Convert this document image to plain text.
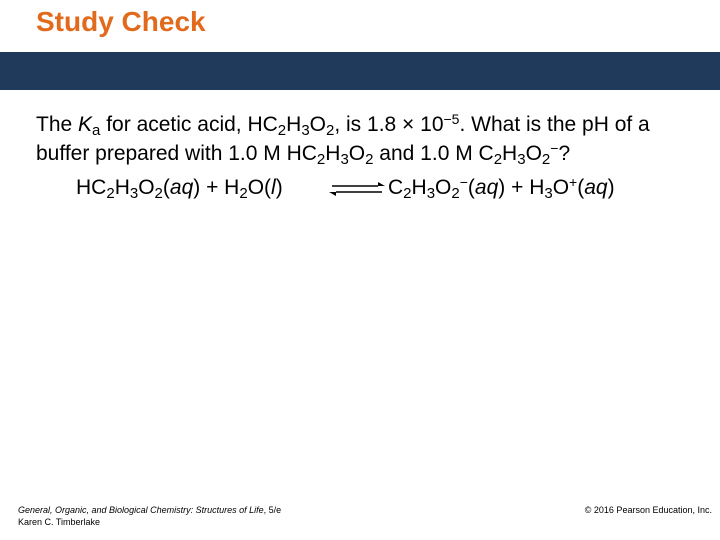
Study Check
The $K_a$ for acetic acid, $HC_2H_3O_2$, is $1.8 \times 10^{-5}$. What is the pH of a buffer prepared with 1.0 M $HC_2H_3O_2$ and 1.0 M $C_2H_3O_2^-$?
$HC_2H_3O_2(aq) + H_2O(l)$ ⇌ $C_2H_3O_2^-(aq) + H_3O^+(aq)$
General, Organic, and Biological Chemistry: Structures of Life, 5/e
Karen C. Timberlake
© 2016 Pearson Education, Inc.
